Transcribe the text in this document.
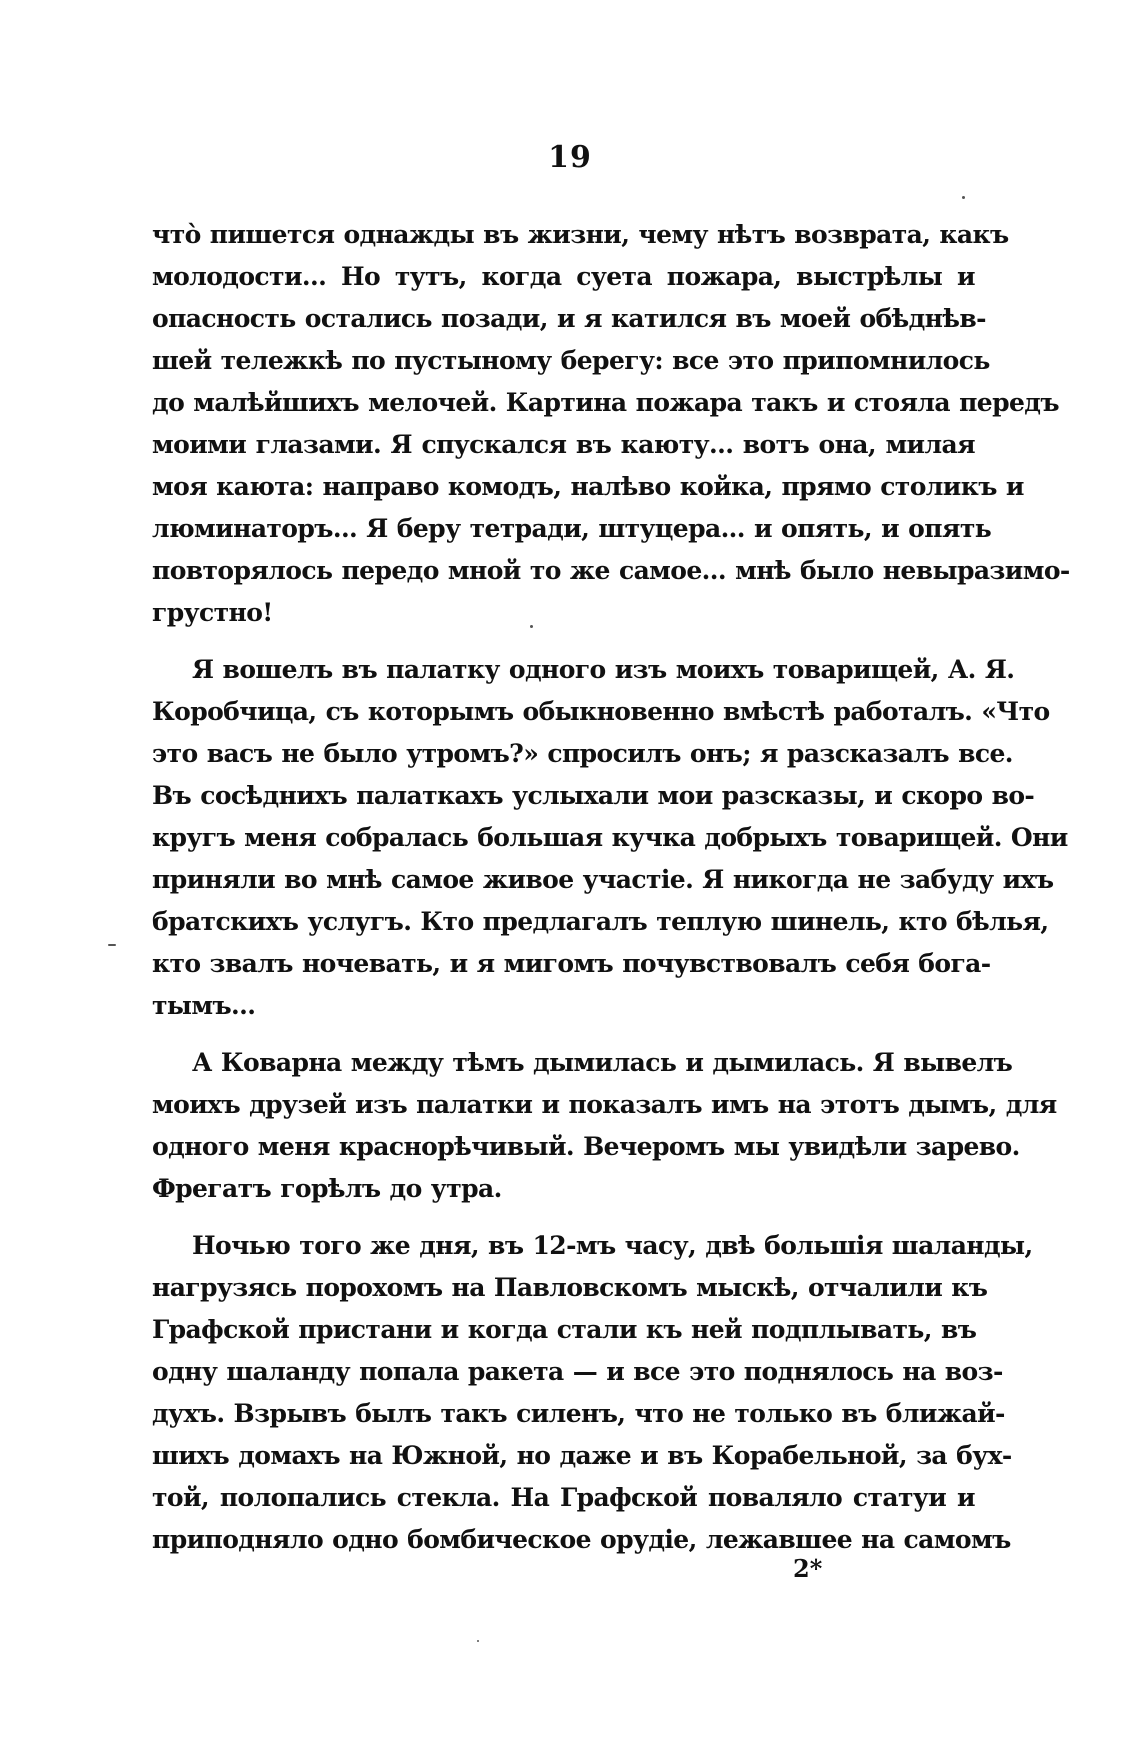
19

что̀ пишется однажды въ жизни, чему нѣтъ возврата, какъ
молодости... Но тутъ, когда суета пожара, выстрѣлы и
опасность остались позади, и я катился въ моей обѣднѣв-
шей тележкѣ по пустыному берегу: все это припомнилось
до малѣйшихъ мелочей. Картина пожара такъ и стояла передъ
моими глазами. Я спускался въ каюту... вотъ она, милая
моя каюта: направо комодъ, налѣво койка, прямо столикъ и
люминаторъ... Я беру тетради, штуцера... и опять, и опять
повторялось передо мной то же самое... мнѣ было невыразимо-
грустно!

Я вошелъ въ палатку одного изъ моихъ товарищей, А. Я.
Коробчица, съ которымъ обыкновенно вмѣстѣ работалъ. «Что
это васъ не было утромъ?» спросилъ онъ; я разсказалъ все.
Въ сосѣднихъ палаткахъ услыхали мои разсказы, и скоро во-
кругъ меня собралась большая кучка добрыхъ товарищей. Они
приняли во мнѣ самое живое участіе. Я никогда не забуду ихъ
братскихъ услугъ. Кто предлагалъ теплую шинель, кто бѣлья,
кто звалъ ночевать, и я мигомъ почувствовалъ себя бога-
тымъ...

А Коварна между тѣмъ дымилась и дымилась. Я вывелъ
моихъ друзей изъ палатки и показалъ имъ на этотъ дымъ, для
одного меня краснорѣчивый. Вечеромъ мы увидѣли зарево.
Фрегатъ горѣлъ до утра.

Ночью того же дня, въ 12-мъ часу, двѣ большія шаланды,
нагрузясь порохомъ на Павловскомъ мыскѣ, отчалили къ
Графской пристани и когда стали къ ней подплывать, въ
одну шаланду попала ракета — и все это поднялось на воз-
духъ. Взрывъ былъ такъ силенъ, что не только въ ближай-
шихъ домахъ на Южной, но даже и въ Корабельной, за бух-
той, полопались стекла. На Графской поваляло статуи и
приподняло одно бомбическое орудіе, лежавшее на самомъ

2*
